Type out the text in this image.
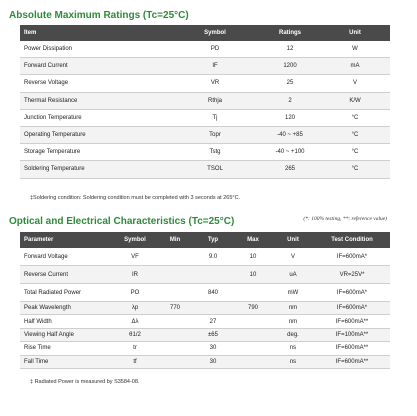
Absolute Maximum Ratings (Tc=25°C)
Item	Symbol	Ratings	Unit
Power Dissipation	PD	12	W
Forward Current	IF	1200	mA
Reverse Voltage	VR	25	V
Thermal Resistance	Rthja	2	K/W
Junction Temperature	Tj	120	°C
Operating Temperature	Topr	-40 ~ +85	°C
Storage Temperature	Tstg	-40 ~ +100	°C
Soldering Temperature	TSOL	265	°C
‡Soldering condition: Soldering condition must be completed with 3 seconds at 265°C.
Optical and Electrical Characteristics (Tc=25°C)	(*: 100% testing, **: reference value)
Parameter	Symbol	Min	Typ	Max	Unit	Test Condition
Forward Voltage	VF		9.0	10	V	IF=600mA*
Reverse Current	IR			10	uA	VR=25V*
Total Radiated Power	PO		840		mW	IF=600mA*
Peak Wavelength	λp	770		790	nm	IF=600mA*
Half Width	Δλ		27		nm	IF=600mA**
Viewing Half Angle	θ1/2		±65		deg.	IF=100mA**
Rise Time	tr		30		ns	IF=600mA**
Fall Time	tf		30		ns	IF=600mA**
‡ Radiated Power is measured by S3584-08.
